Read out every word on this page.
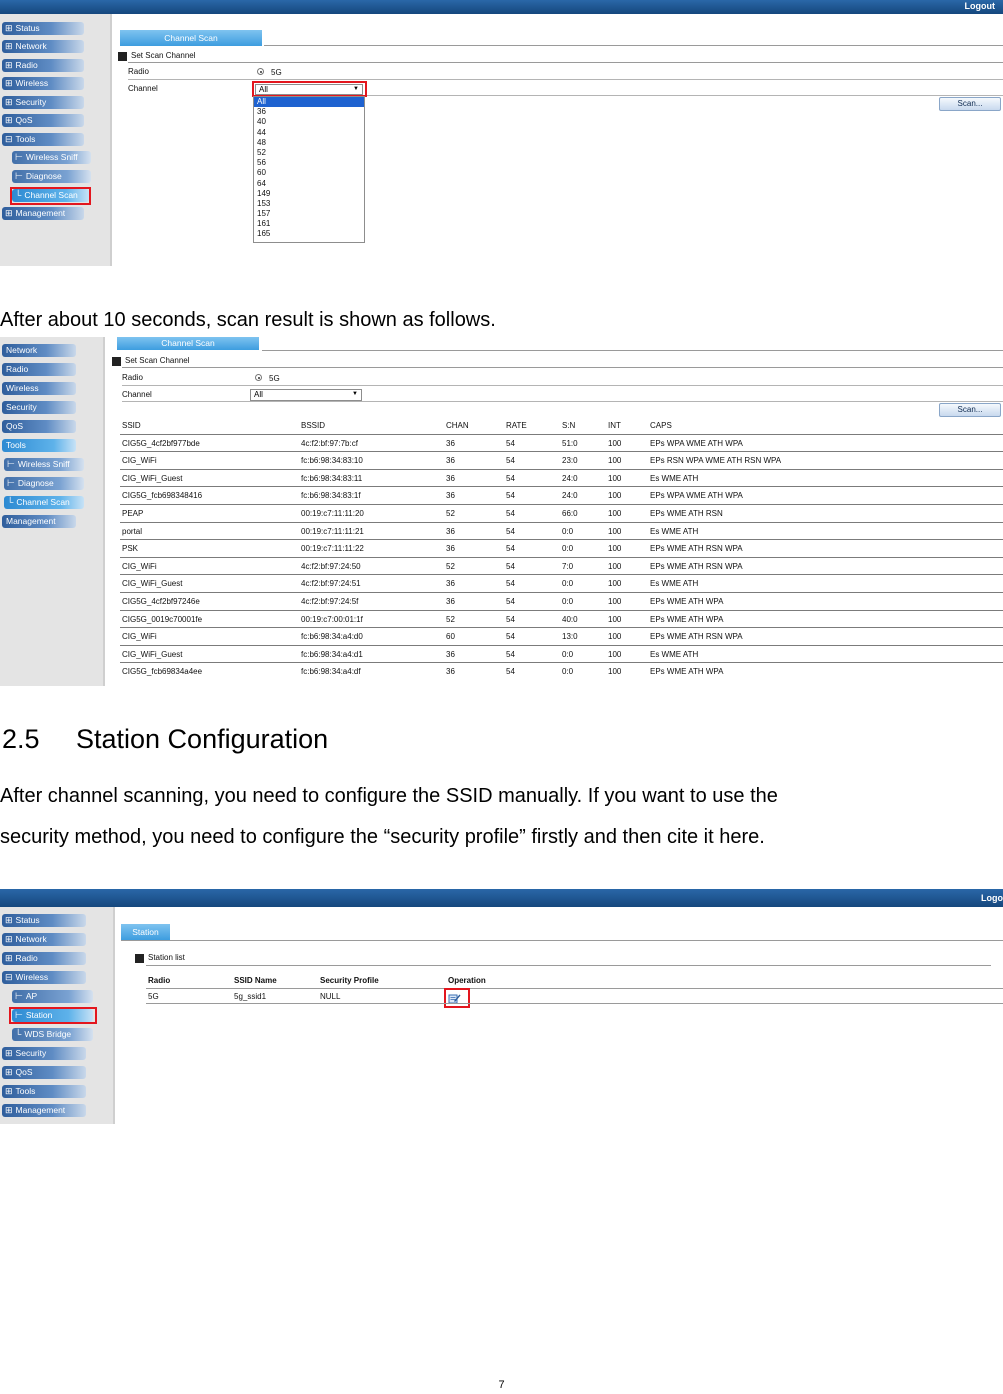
Logout
⊞ Status
⊞ Network
⊞ Radio
⊞ Wireless
⊞ Security
⊞ QoS
⊟ Tools
⊢ Wireless Sniff
⊢ Diagnose
└ Channel Scan
⊞ Management
Channel Scan
Set Scan Channel
Radio	5G
Channel	All	▼
All
36
40
44
48
52
56
60
64
149
153
157
161
165
Scan...
After about 10 seconds, scan result is shown as follows.
Network
Radio
Wireless
Security
QoS
Tools
⊢ Wireless Sniff
⊢ Diagnose
└ Channel Scan
Management
Channel Scan
Set Scan Channel
Radio	5G
Channel	All	▼
Scan...
SSID	BSSID	CHAN	RATE	S:N	INT	CAPS
CIG5G_4cf2bf977bde	4c:f2:bf:97:7b:cf	36	54	51:0	100	EPs WPA WME ATH WPA
CIG_WiFi	fc:b6:98:34:83:10	36	54	23:0	100	EPs RSN WPA WME ATH RSN WPA
CIG_WiFi_Guest	fc:b6:98:34:83:11	36	54	24:0	100	Es WME ATH
CIG5G_fcb698348416	fc:b6:98:34:83:1f	36	54	24:0	100	EPs WPA WME ATH WPA
PEAP	00:19:c7:11:11:20	52	54	66:0	100	EPs WME ATH RSN
portal	00:19:c7:11:11:21	36	54	0:0	100	Es WME ATH
PSK	00:19:c7:11:11:22	36	54	0:0	100	EPs WME ATH RSN WPA
CIG_WiFi	4c:f2:bf:97:24:50	52	54	7:0	100	EPs WME ATH RSN WPA
CIG_WiFi_Guest	4c:f2:bf:97:24:51	36	54	0:0	100	Es WME ATH
CIG5G_4cf2bf97246e	4c:f2:bf:97:24:5f	36	54	0:0	100	EPs WME ATH WPA
CIG5G_0019c70001fe	00:19:c7:00:01:1f	52	54	40:0	100	EPs WME ATH WPA
CIG_WiFi	fc:b6:98:34:a4:d0	60	54	13:0	100	EPs WME ATH RSN WPA
CIG_WiFi_Guest	fc:b6:98:34:a4:d1	36	54	0:0	100	Es WME ATH
CIG5G_fcb69834a4ee	fc:b6:98:34:a4:df	36	54	0:0	100	EPs WME ATH WPA
2.5 Station Configuration
After channel scanning, you need to configure the SSID manually. If you want to use the
security method, you need to configure the “security profile” firstly and then cite it here.
Logo
⊞ Status
⊞ Network
⊞ Radio
⊟ Wireless
⊢ AP
⊢ Station
└ WDS Bridge
⊞ Security
⊞ QoS
⊞ Tools
⊞ Management
Station
Station list
Radio	SSID Name	Security Profile	Operation
5G	5g_ssid1	NULL
7
